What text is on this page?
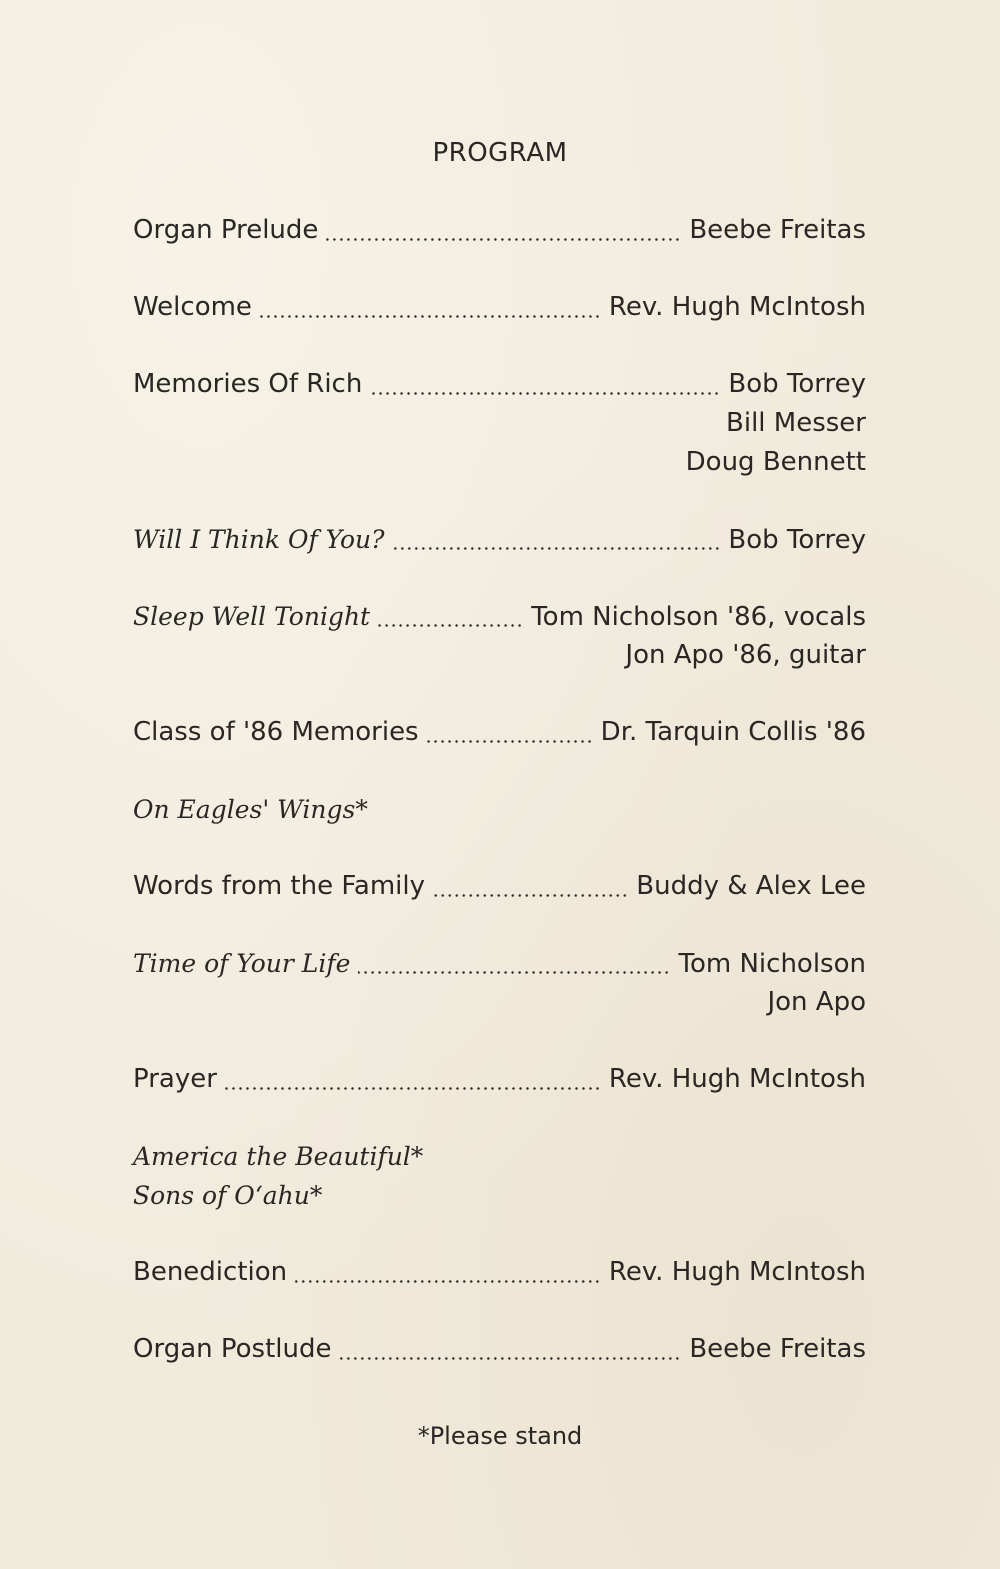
PROGRAM
Organ Prelude	Beebe Freitas
Welcome	Rev. Hugh McIntosh
Memories Of Rich	Bob Torrey
Bill Messer
Doug Bennett
Will I Think Of You?	Bob Torrey
Sleep Well Tonight	Tom Nicholson '86, vocals
Jon Apo '86, guitar
Class of '86 Memories	Dr. Tarquin Collis '86
On Eagles' Wings*
Words from the Family	Buddy & Alex Lee
Time of Your Life	Tom Nicholson
Jon Apo
Prayer	Rev. Hugh McIntosh
America the Beautiful*
Sons of O‘ahu*
Benediction	Rev. Hugh McIntosh
Organ Postlude	Beebe Freitas
*Please stand
